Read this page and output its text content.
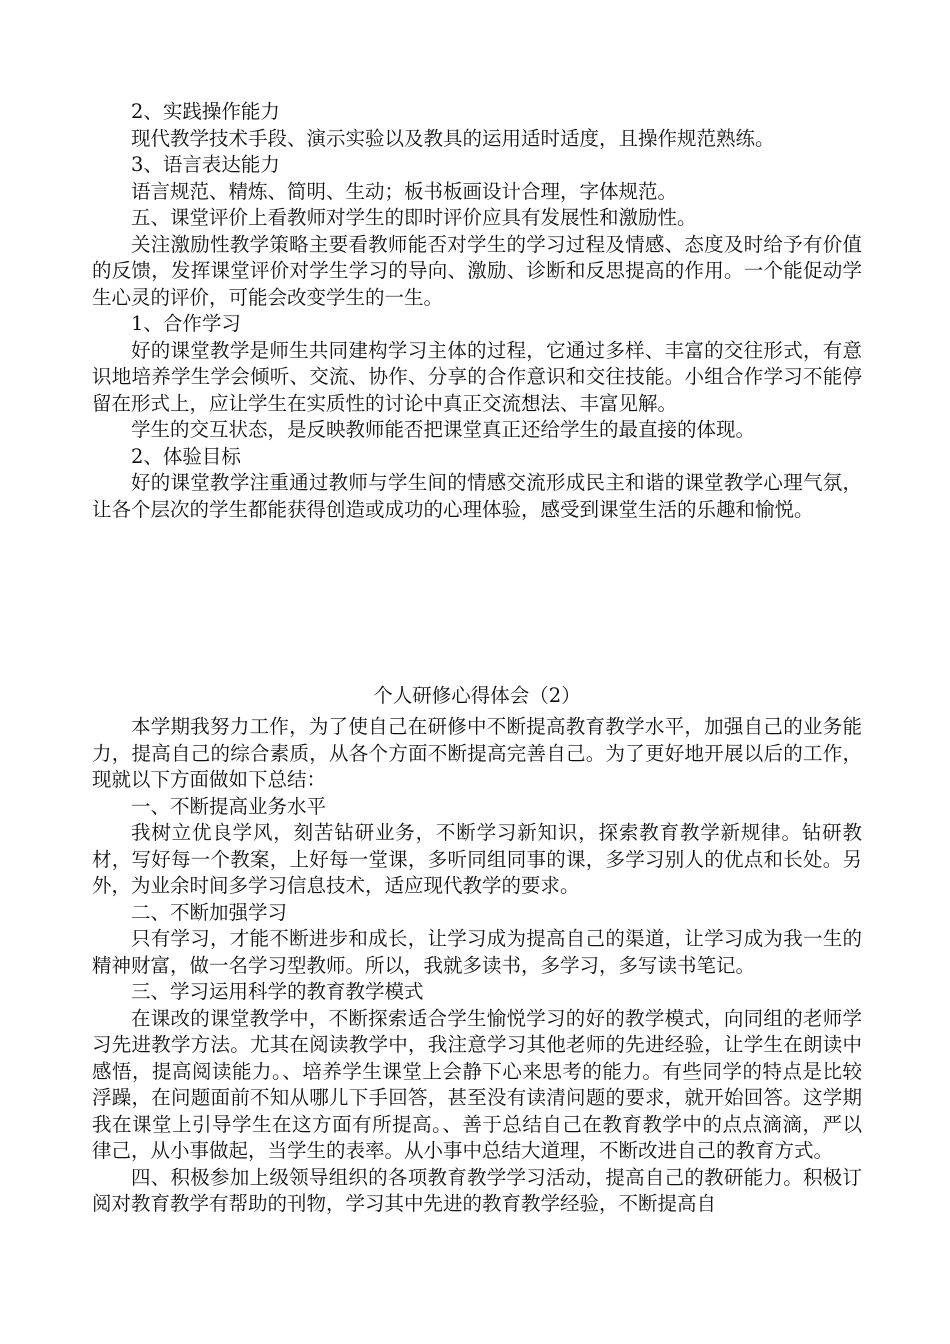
2、实践操作能力

现代教学技术手段、演示实验以及教具的运用适时适度，且操作规范熟练。

3、语言表达能力

语言规范、精炼、简明、生动；板书板画设计合理，字体规范。

五、课堂评价上看教师对学生的即时评价应具有发展性和激励性。

关注激励性教学策略主要看教师能否对学生的学习过程及情感、态度及时给予有价值的反馈，发挥课堂评价对学生学习的导向、激励、诊断和反思提高的作用。一个能促动学生心灵的评价，可能会改变学生的一生。

1、合作学习

好的课堂教学是师生共同建构学习主体的过程，它通过多样、丰富的交往形式，有意识地培养学生学会倾听、交流、协作、分享的合作意识和交往技能。小组合作学习不能停留在形式上，应让学生在实质性的讨论中真正交流想法、丰富见解。

学生的交互状态，是反映教师能否把课堂真正还给学生的最直接的体现。

2、体验目标

好的课堂教学注重通过教师与学生间的情感交流形成民主和谐的课堂教学心理气氛，让各个层次的学生都能获得创造或成功的心理体验，感受到课堂生活的乐趣和愉悦。

个人研修心得体会（2）

本学期我努力工作，为了使自己在研修中不断提高教育教学水平，加强自己的业务能力，提高自己的综合素质，从各个方面不断提高完善自己。为了更好地开展以后的工作，现就以下方面做如下总结：

一、不断提高业务水平

我树立优良学风，刻苦钻研业务，不断学习新知识，探索教育教学新规律。钻研教材，写好每一个教案，上好每一堂课，多听同组同事的课，多学习别人的优点和长处。另外，为业余时间多学习信息技术，适应现代教学的要求。

二、不断加强学习

只有学习，才能不断进步和成长，让学习成为提高自己的渠道，让学习成为我一生的精神财富，做一名学习型教师。所以，我就多读书，多学习，多写读书笔记。

三、学习运用科学的教育教学模式

在课改的课堂教学中，不断探索适合学生愉悦学习的好的教学模式，向同组的老师学习先进教学方法。尤其在阅读教学中，我注意学习其他老师的先进经验，让学生在朗读中感悟，提高阅读能力。、培养学生课堂上会静下心来思考的能力。有些同学的特点是比较浮躁，在问题面前不知从哪儿下手回答，甚至没有读清问题的要求，就开始回答。这学期我在课堂上引导学生在这方面有所提高。、善于总结自己在教育教学中的点点滴滴，严以律己，从小事做起，当学生的表率。从小事中总结大道理，不断改进自己的教育方式。

四、积极参加上级领导组织的各项教育教学学习活动，提高自己的教研能力。积极订阅对教育教学有帮助的刊物，学习其中先进的教育教学经验，不断提高自
